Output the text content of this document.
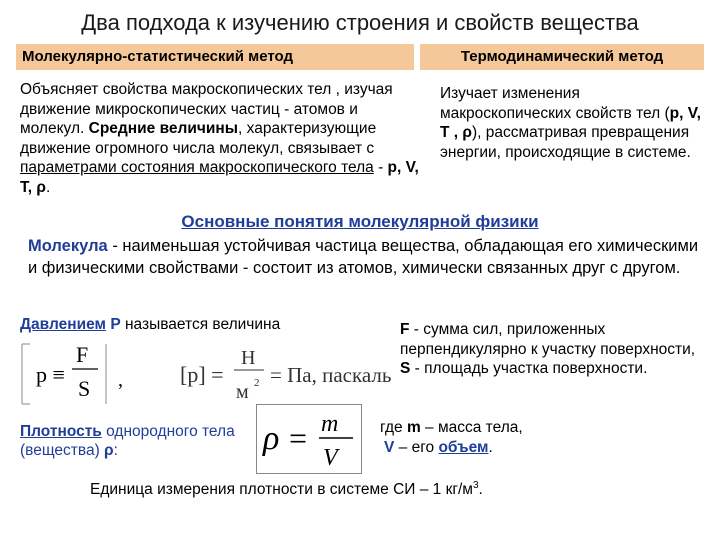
Два подхода к изучению строения и свойств вещества
Молекулярно-статистический метод	Термодинамический метод
Объясняет свойства макроскопических тел , изучая движение микроскопических частиц - атомов и молекул. Средние величины, характеризующие движение огромного числа молекул, связывает с параметрами состояния макроскопического тела - p, V, T, ρ.
Изучает изменения макроскопических свойств тел (p, V, T , ρ), рассматривая превращения энергии, происходящие в системе.
Основные понятия молекулярной физики
Молекула - наименьшая устойчивая частица вещества, обладающая его химическими и физическими свойствами - состоит из атомов, химически связанных друг с другом.
Давлением P называется величина
p ≡
F
S ,	[p] =
Н
м 2 = Па, паскаль
F - сумма сил, приложенных перпендикулярно к участку поверхности,
S - площадь участка поверхности.
Плотность однородного тела (вещества) ρ:	ρ = m
V
где m – масса тела,
V – его объем.
Единица измерения плотности в системе СИ – 1 $кг/м^3$.
